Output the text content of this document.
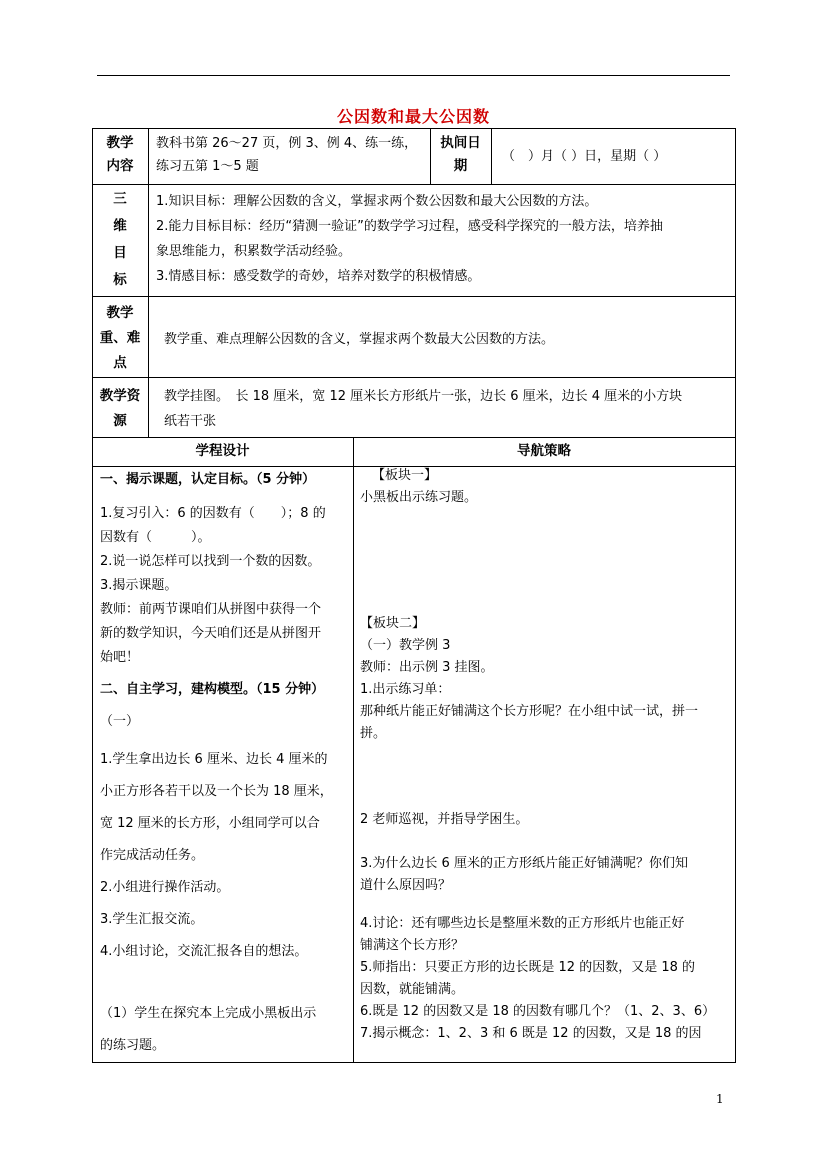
公因数和最大公因数
教学
内容
教科书第 26～27 页，例 3、例 4、练一练，
练习五第 1～5 题
执间日
期
（　）月（ ）日，星期（ ）
三
维
目
标
1.知识目标：理解公因数的含义，掌握求两个数公因数和最大公因数的方法。
2.能力目标目标：经历“猜测一验证”的数学学习过程，感受科学探究的一般方法，培养抽
象思维能力，积累数学活动经验。
3.情感目标：感受数学的奇妙，培养对数学的积极情感。
教学
重、难
点
教学重、难点理解公因数的含义，掌握求两个数最大公因数的方法。
教学资
源
教学挂图。　长 18 厘米，宽 12 厘米长方形纸片一张，边长 6 厘米，边长 4 厘米的小方块
纸若干张
学程设计	导航策略
一、揭示课题，认定目标。（5 分钟）
1.复习引入：6 的因数有（　　）；8 的
因数有（　　　）。
2.说一说怎样可以找到一个数的因数。
3.揭示课题。
教师：前两节课咱们从拼图中获得一个
新的数学知识，今天咱们还是从拼图开
始吧！
二、自主学习，建构模型。（15 分钟）
（一）
1.学生拿出边长 6 厘米、边长 4 厘米的
小正方形各若干以及一个长为 18 厘米，
宽 12 厘米的长方形，小组同学可以合
作完成活动任务。
2.小组进行操作活动。
3.学生汇报交流。
4.小组讨论，交流汇报各自的想法。
（1）学生在探究本上完成小黑板出示
的练习题。
【板块一】
小黑板出示练习题。
【板块二】
（一）教学例 3
教师：出示例 3 挂图。
1.出示练习单：
那种纸片能正好铺满这个长方形呢？在小组中试一试，拼一
拼。
2 老师巡视，并指导学困生。
3.为什么边长 6 厘米的正方形纸片能正好铺满呢？你们知
道什么原因吗？
4.讨论：还有哪些边长是整厘米数的正方形纸片也能正好
铺满这个长方形？
5.师指出：只要正方形的边长既是 12 的因数，又是 18 的
因数，就能铺满。
6.既是 12 的因数又是 18 的因数有哪几个？（1、2、3、6）
7.揭示概念：1、2、3 和 6 既是 12 的因数，又是 18 的因
1
